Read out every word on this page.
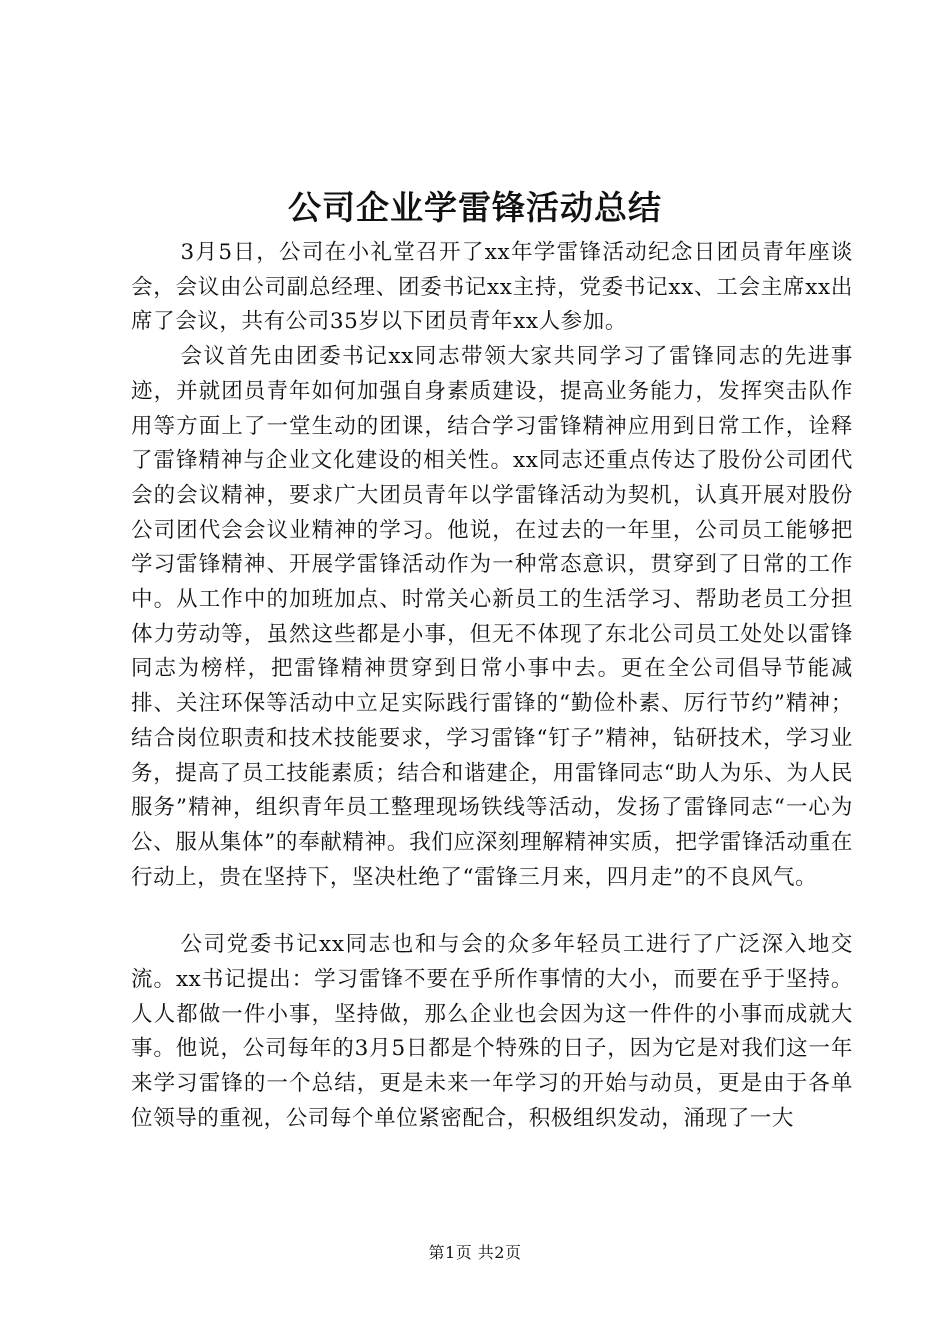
公司企业学雷锋活动总结

3月5日，公司在小礼堂召开了xx年学雷锋活动纪念日团员青年座谈会，会议由公司副总经理、团委书记xx主持，党委书记xx、工会主席xx出席了会议，共有公司35岁以下团员青年xx人参加。

会议首先由团委书记xx同志带领大家共同学习了雷锋同志的先进事迹，并就团员青年如何加强自身素质建设，提高业务能力，发挥突击队作用等方面上了一堂生动的团课，结合学习雷锋精神应用到日常工作，诠释了雷锋精神与企业文化建设的相关性。xx同志还重点传达了股份公司团代会的会议精神，要求广大团员青年以学雷锋活动为契机，认真开展对股份公司团代会会议业精神的学习。他说，在过去的一年里，公司员工能够把学习雷锋精神、开展学雷锋活动作为一种常态意识，贯穿到了日常的工作中。从工作中的加班加点、时常关心新员工的生活学习、帮助老员工分担体力劳动等，虽然这些都是小事，但无不体现了东北公司员工处处以雷锋同志为榜样，把雷锋精神贯穿到日常小事中去。更在全公司倡导节能减排、关注环保等活动中立足实际践行雷锋的“勤俭朴素、厉行节约”精神；结合岗位职责和技术技能要求，学习雷锋“钉子”精神，钻研技术，学习业务，提高了员工技能素质；结合和谐建企，用雷锋同志“助人为乐、为人民服务”精神，组织青年员工整理现场铁线等活动，发扬了雷锋同志“一心为公、服从集体”的奉献精神。我们应深刻理解精神实质，把学雷锋活动重在行动上，贵在坚持下，坚决杜绝了“雷锋三月来，四月走”的不良风气。

公司党委书记xx同志也和与会的众多年轻员工进行了广泛深入地交流。xx书记提出：学习雷锋不要在乎所作事情的大小，而要在乎于坚持。人人都做一件小事，坚持做，那么企业也会因为这一件件的小事而成就大事。他说，公司每年的3月5日都是个特殊的日子，因为它是对我们这一年来学习雷锋的一个总结，更是未来一年学习的开始与动员，更是由于各单位领导的重视，公司每个单位紧密配合，积极组织发动，涌现了一大

第1页 共2页
